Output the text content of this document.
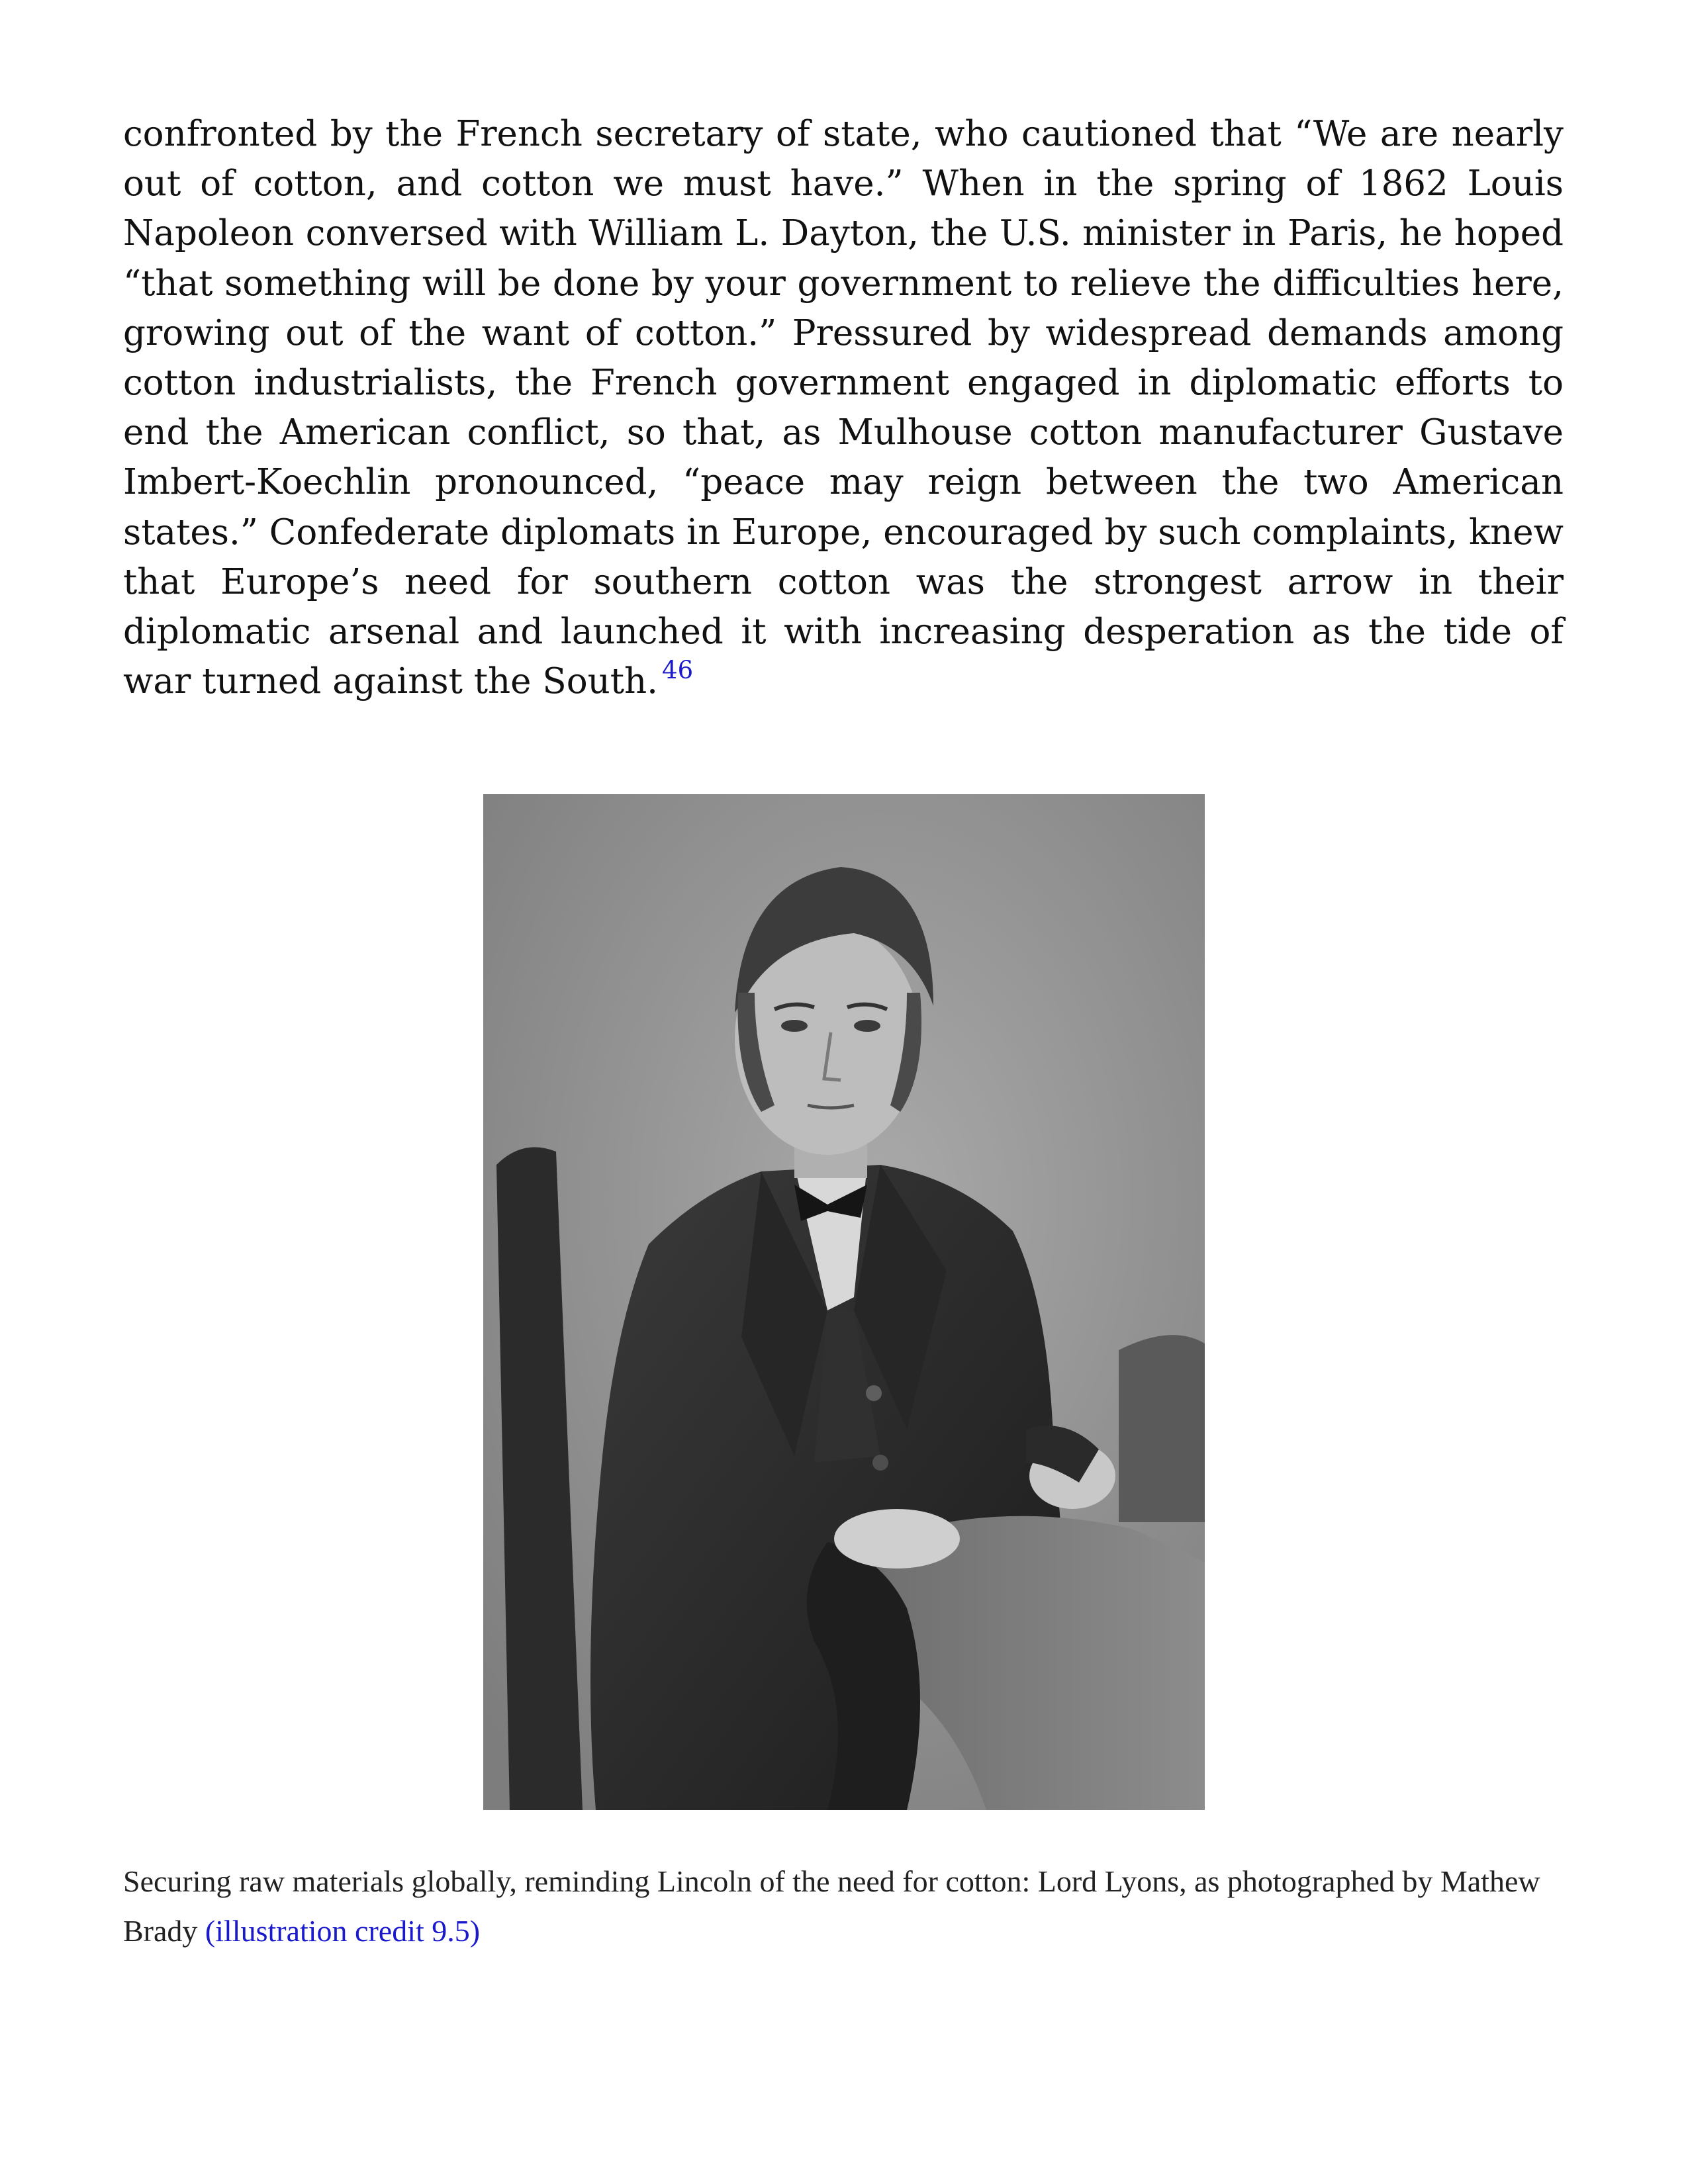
confronted by the French secretary of state, who cautioned that “We are nearly out of cotton, and cotton we must have.” When in the spring of 1862 Louis Napoleon conversed with William L. Dayton, the U.S. minister in Paris, he hoped “that something will be done by your government to relieve the difficulties here, growing out of the want of cotton.” Pressured by widespread demands among cotton industrialists, the French government engaged in diplomatic efforts to end the American conflict, so that, as Mulhouse cotton manufacturer Gustave Imbert-Koechlin pronounced, “peace may reign between the two American states.” Confederate diplomats in Europe, encouraged by such complaints, knew that Europe’s need for southern cotton was the strongest arrow in their diplomatic arsenal and launched it with increasing desperation as the tide of war turned against the South. $^{46}$

Securing raw materials globally, reminding Lincoln of the need for cotton: Lord Lyons, as photographed by Mathew Brady (illustration credit 9.5)
